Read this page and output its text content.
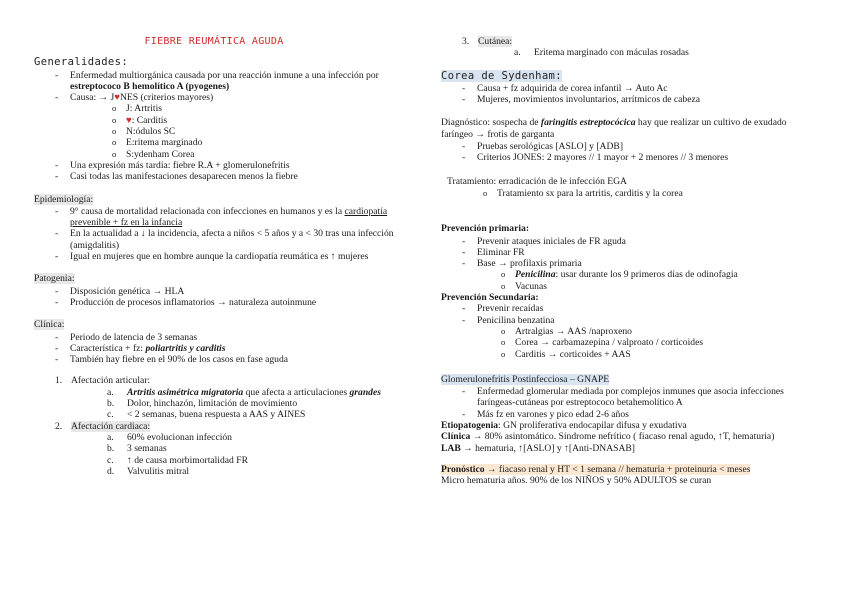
FIEBRE REUMÁTICA AGUDA
Generalidades:
- Enfermedad multiorgánica causada por una reacción inmune a una infección por estreptococo B hemolítico A (pyogenes)
- Causa: → J♥NES (criterios mayores)
o J: Artritis
o ♥: Carditis
o N:ódulos SC
o E:ritema marginado
o S:ydenham Corea
- Una expresión más tardía: fiebre R.A + glomerulonefritis
- Casi todas las manifestaciones desaparecen menos la fiebre
Epidemiología:
- 9° causa de mortalidad relacionada con infecciones en humanos y es la cardiopatía prevenible + fz en la infancia
- En la actualidad a ↓ la incidencia, afecta a niños < 5 años y a < 30 tras una infección (amigdalitis)
- Igual en mujeres que en hombre aunque la cardiopatía reumática es ↑ mujeres
Patogenia:
- Disposición genética → HLA
- Producción de procesos inflamatorios → naturaleza autoinmune
Clínica:
- Periodo de latencia de 3 semanas
- Característica + fz: poliartritis y carditis
- También hay fiebre en el 90% de los casos en fase aguda
1. Afectación articular:
a. Artritis asimétrica migratoria que afecta a articulaciones grandes
b. Dolor, hinchazón, limitación de movimiento
c. < 2 semanas, buena respuesta a AAS y AINES
2. Afectación cardiaca:
a. 60% evolucionan infección
b. 3 semanas
c. ↑ de causa morbimortalidad FR
d. Valvulitis mitral
3. Cutánea:
a. Eritema marginado con máculas rosadas
Corea de Sydenham:
- Causa + fz adquirida de corea infantil → Auto Ac
- Mujeres, movimientos involuntarios, arrítmicos de cabeza
Diagnóstico: sospecha de faringitis estreptocócica hay que realizar un cultivo de exudado faríngeo → frotis de garganta
- Pruebas serológicas [ASLO] y [ADB]
- Criterios JONES: 2 mayores // 1 mayor + 2 menores // 3 menores
Tratamiento: erradicación de le infección EGA
o Tratamiento sx para la artritis, carditis y la corea
Prevención primaria:
- Prevenir ataques iniciales de FR aguda
- Eliminar FR
- Base → profilaxis primaria
o Penicilina: usar durante los 9 primeros días de odinofagia
o Vacunas
Prevención Secundaria:
- Prevenir recaídas
- Penicilina benzatina
o Artralgias → AAS /naproxeno
o Corea → carbamazepina / valproato / corticoides
o Carditis → corticoides + AAS
Glomerulonefritis Postinfecciosa – GNAPE
- Enfermedad glomerular mediada por complejos inmunes que asocia infecciones faríngeas-cutáneas por estreptococo betahemolítico A
- Más fz en varones y pico edad 2-6 años
Etiopatogenia: GN proliferativa endocapilar difusa y exudativa
Clínica → 80% asintomático. Síndrome nefrítico ( fiacaso renal agudo, ↑T, hematuria)
LAB → hematuria, ↑[ASLO] y ↑[Anti-DNASAB]
Pronóstico → fiacaso renal y HT < 1 semana // hematuria + proteinuria < meses
Micro hematuria años. 90% de los NIÑOS y 50% ADULTOS se curan
